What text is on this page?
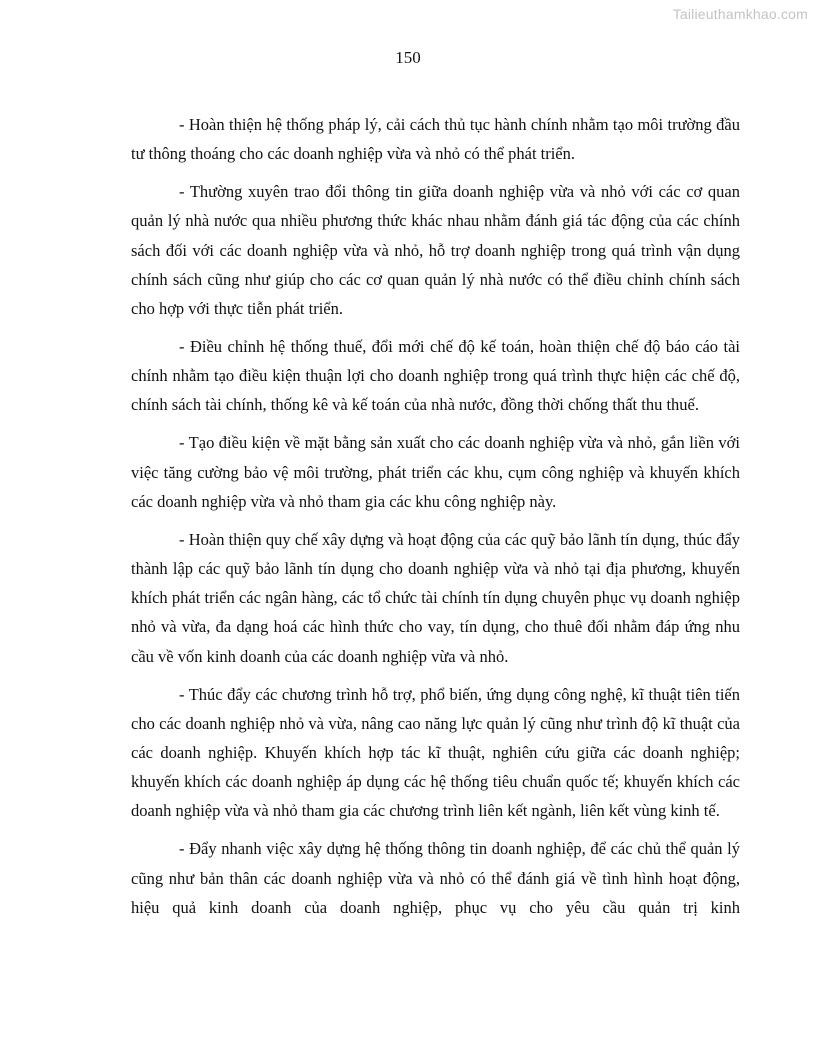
Tailieuthamkhao.com
150

- Hoàn thiện hệ thống pháp lý, cải cách thủ tục hành chính nhằm tạo môi trường đầu tư thông thoáng cho các doanh nghiệp vừa và nhỏ có thể phát triển.

- Thường xuyên trao đổi thông tin giữa doanh nghiệp vừa và nhỏ với các cơ quan quản lý nhà nước qua nhiều phương thức khác nhau nhằm đánh giá tác động của các chính sách đối với các doanh nghiệp vừa và nhỏ, hỗ trợ doanh nghiệp trong quá trình vận dụng chính sách cũng như giúp cho các cơ quan quản lý nhà nước có thể điều chỉnh chính sách cho hợp với thực tiễn phát triển.

- Điều chỉnh hệ thống thuế, đổi mới chế độ kế toán, hoàn thiện chế độ báo cáo tài chính nhằm tạo điều kiện thuận lợi cho doanh nghiệp trong quá trình thực hiện các chế độ, chính sách tài chính, thống kê và kế toán của nhà nước, đồng thời chống thất thu thuế.

- Tạo điều kiện về mặt bằng sản xuất cho các doanh nghiệp vừa và nhỏ, gắn liền với việc tăng cường bảo vệ môi trường, phát triển các khu, cụm công nghiệp và khuyến khích các doanh nghiệp vừa và nhỏ tham gia các khu công nghiệp này.

- Hoàn thiện quy chế xây dựng và hoạt động của các quỹ bảo lãnh tín dụng, thúc đẩy thành lập các quỹ bảo lãnh tín dụng cho doanh nghiệp vừa và nhỏ tại địa phương, khuyến khích phát triển các ngân hàng, các tổ chức tài chính tín dụng chuyên phục vụ doanh nghiệp nhỏ và vừa, đa dạng hoá các hình thức cho vay, tín dụng, cho thuê đối nhằm đáp ứng nhu cầu về vốn kinh doanh của các doanh nghiệp vừa và nhỏ.

- Thúc đẩy các chương trình hỗ trợ, phổ biến, ứng dụng công nghệ, kĩ thuật tiên tiến cho các doanh nghiệp nhỏ và vừa, nâng cao năng lực quản lý cũng như trình độ kĩ thuật của các doanh nghiệp. Khuyến khích hợp tác kĩ thuật, nghiên cứu giữa các doanh nghiệp; khuyến khích các doanh nghiệp áp dụng các hệ thống tiêu chuẩn quốc tế; khuyến khích các doanh nghiệp vừa và nhỏ tham gia các chương trình liên kết ngành, liên kết vùng kinh tế.

- Đẩy nhanh việc xây dựng hệ thống thông tin doanh nghiệp, để các chủ thể quản lý cũng như bản thân các doanh nghiệp vừa và nhỏ có thể đánh giá về tình hình hoạt động, hiệu quả kinh doanh của doanh nghiệp, phục vụ cho yêu cầu quản trị kinh
